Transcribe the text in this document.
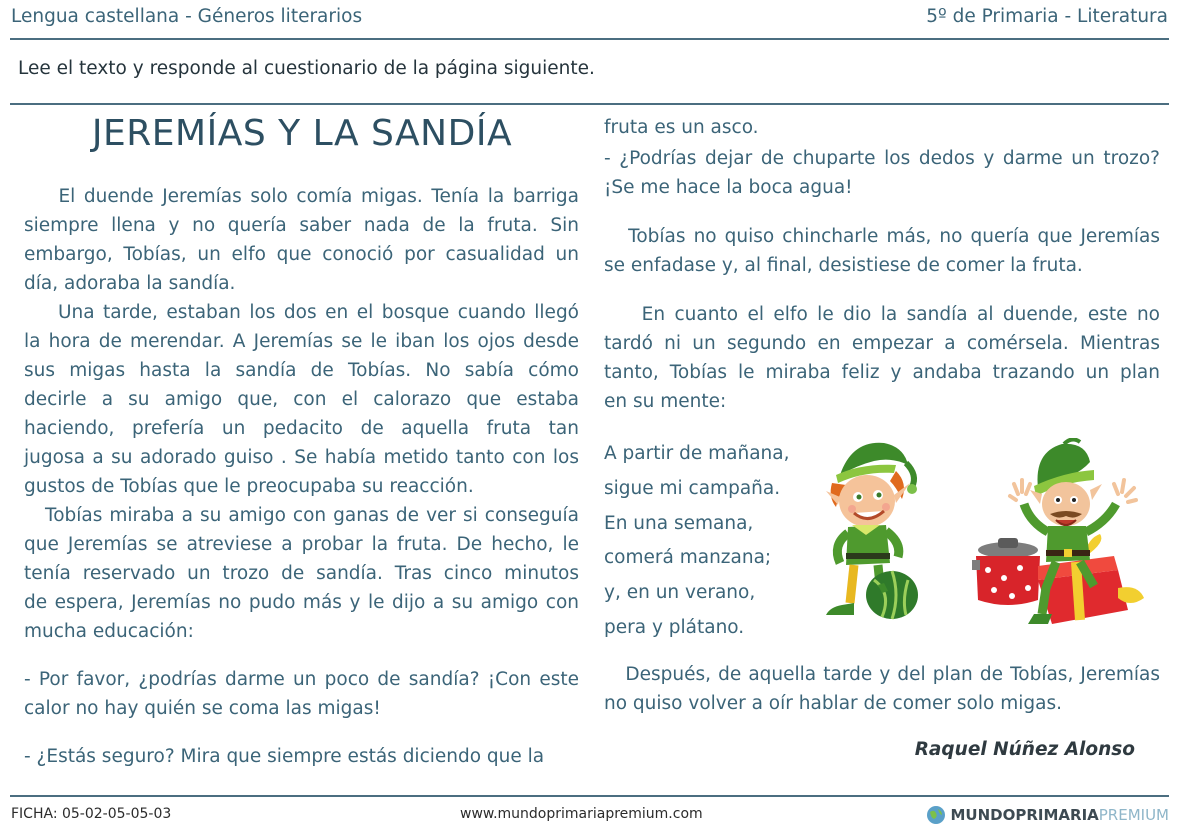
Lengua castellana - Géneros literarios	5º de Primaria - Literatura
Lee el texto y responde al cuestionario de la página siguiente.
JEREMÍAS Y LA SANDÍA
El duende Jeremías solo comía migas. Tenía la barriga
siempre llena y no quería saber nada de la fruta. Sin
embargo, Tobías, un elfo que conoció por casualidad un
día, adoraba la sandía.
Una tarde, estaban los dos en el bosque cuando llegó
la hora de merendar. A Jeremías se le iban los ojos desde
sus migas hasta la sandía de Tobías. No sabía cómo
decirle a su amigo que, con el calorazo que estaba
haciendo, prefería un pedacito de aquella fruta tan
jugosa a su adorado guiso . Se había metido tanto con los
gustos de Tobías que le preocupaba su reacción.
Tobías miraba a su amigo con ganas de ver si conseguía
que Jeremías se atreviese a probar la fruta. De hecho, le
tenía reservado un trozo de sandía. Tras cinco minutos
de espera, Jeremías no pudo más y le dijo a su amigo con
mucha educación:
- Por favor, ¿podrías darme un poco de sandía? ¡Con este
calor no hay quién se coma las migas!
- ¿Estás seguro? Mira que siempre estás diciendo que la
fruta es un asco.
- ¿Podrías dejar de chuparte los dedos y darme un trozo?
¡Se me hace la boca agua!
Tobías no quiso chincharle más, no quería que Jeremías
se enfadase y, al final, desistiese de comer la fruta.
En cuanto el elfo le dio la sandía al duende, este no
tardó ni un segundo en empezar a comérsela. Mientras
tanto, Tobías le miraba feliz y andaba trazando un plan
en su mente:
A partir de mañana,
sigue mi campaña.
En una semana,
comerá manzana;
y, en un verano,
pera y plátano.
Después, de aquella tarde y del plan de Tobías, Jeremías
no quiso volver a oír hablar de comer solo migas.
Raquel Núñez Alonso
FICHA: 05-02-05-05-03	www.mundoprimariapremium.com	MUNDO PRIMARIA PREMIUM
